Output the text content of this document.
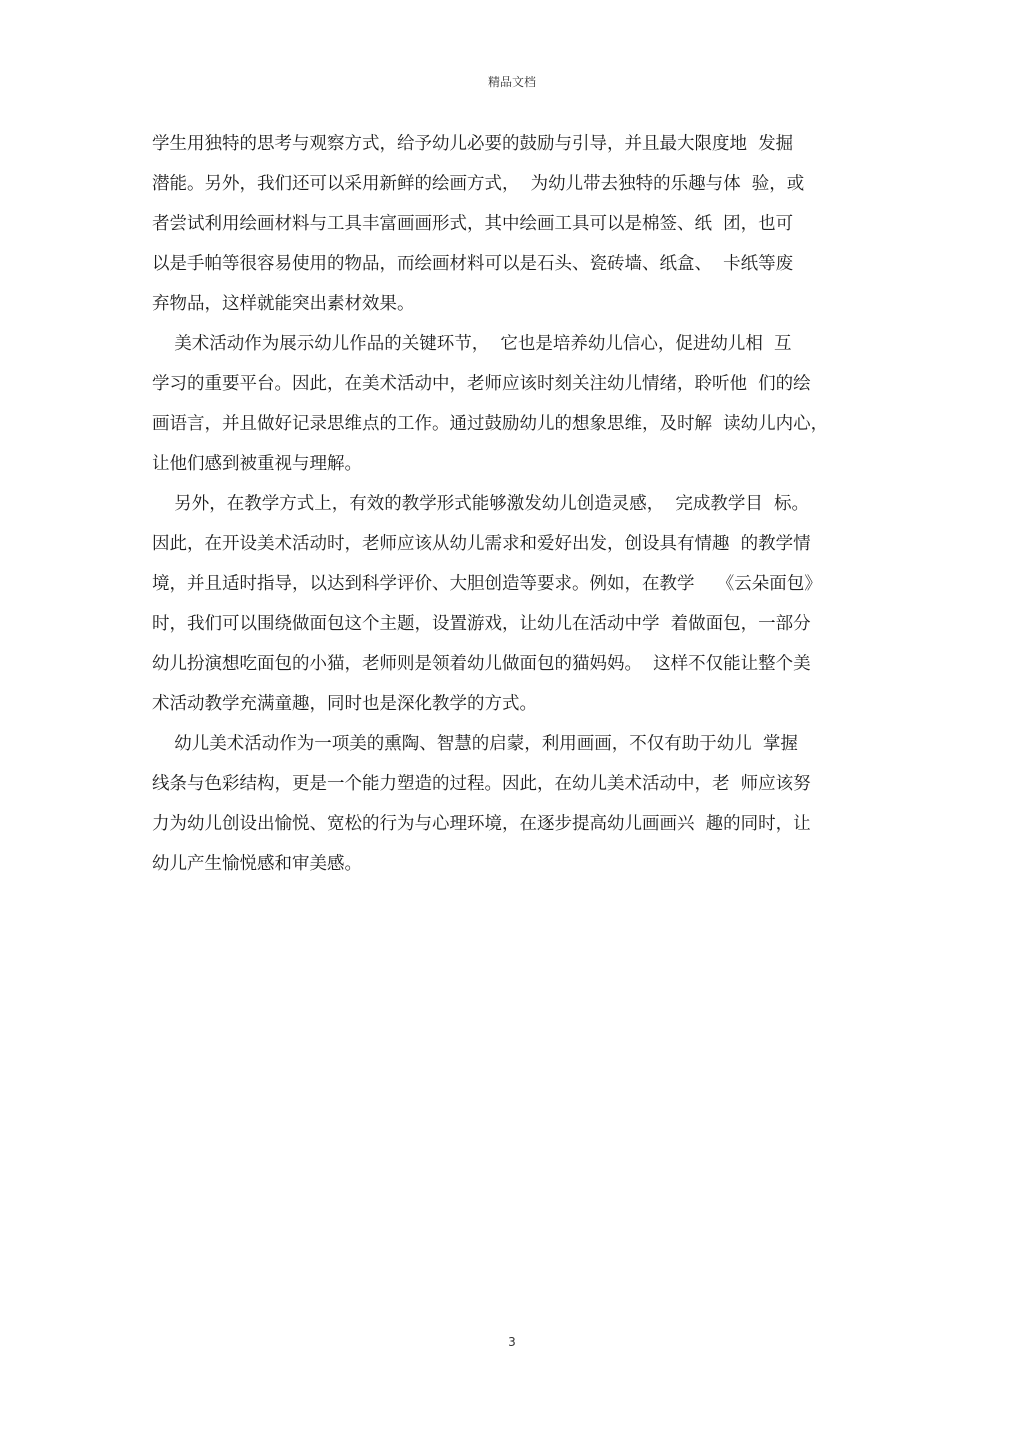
精品文档
学生用独特的思考与观察方式，给予幼儿必要的鼓励与引导，并且最大限度地  发掘
潜能。另外，我们还可以采用新鲜的绘画方式，  为幼儿带去独特的乐趣与体  验，或
者尝试利用绘画材料与工具丰富画画形式，其中绘画工具可以是棉签、纸  团，也可
以是手帕等很容易使用的物品，而绘画材料可以是石头、瓷砖墙、纸盒、  卡纸等废
弃物品，这样就能突出素材效果。
美术活动作为展示幼儿作品的关键环节，  它也是培养幼儿信心，促进幼儿相  互
学习的重要平台。因此，在美术活动中，老师应该时刻关注幼儿情绪，聆听他  们的绘
画语言，并且做好记录思维点的工作。通过鼓励幼儿的想象思维，及时解  读幼儿内心，
让他们感到被重视与理解。
另外，在教学方式上，有效的教学形式能够激发幼儿创造灵感，  完成教学目  标。
因此，在开设美术活动时，老师应该从幼儿需求和爱好出发，创设具有情趣  的教学情
境，并且适时指导，以达到科学评价、大胆创造等要求。例如，在教学    《云朵面包》
时，我们可以围绕做面包这个主题，设置游戏，让幼儿在活动中学  着做面包，一部分
幼儿扮演想吃面包的小猫，老师则是领着幼儿做面包的猫妈妈。  这样不仅能让整个美
术活动教学充满童趣，同时也是深化教学的方式。
幼儿美术活动作为一项美的熏陶、智慧的启蒙，利用画画，不仅有助于幼儿  掌握
线条与色彩结构，更是一个能力塑造的过程。因此，在幼儿美术活动中，老  师应该努
力为幼儿创设出愉悦、宽松的行为与心理环境，在逐步提高幼儿画画兴  趣的同时，让
幼儿产生愉悦感和审美感。
3
